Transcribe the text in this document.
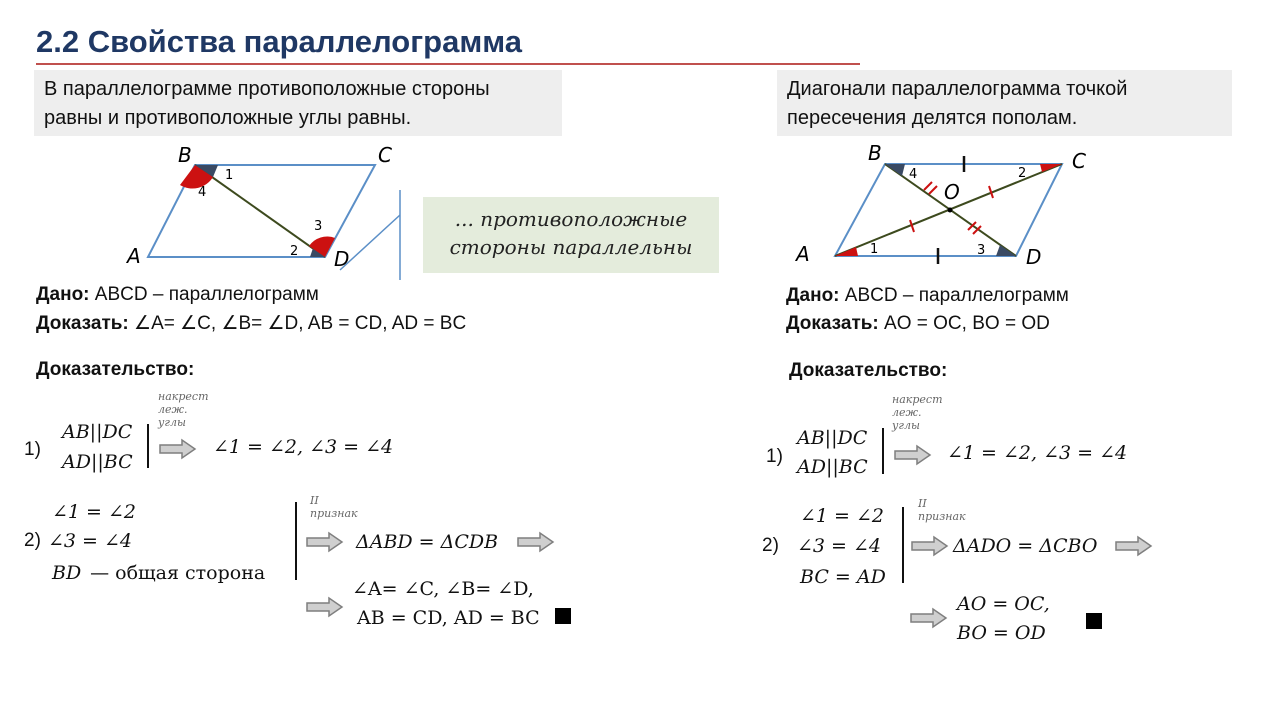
2.2 Свойства параллелограмма
В параллелограмме противоположные стороны равны и противоположные углы равны.
A
B	C
D
1
2
3
4
... противоположные стороны параллельны
Дано: ABCD – параллелограмм
Доказать: ∠A= ∠C, ∠B= ∠D, AB = CD, AD = BC
Доказательство:
1)
AB||DC
AD||BC
накрест
леж.
углы
∠1 = ∠2, ∠3 = ∠4
2)
∠1 = ∠2
∠3 = ∠4
BD — общая сторона
II
признак
ΔABD = ΔCDB
∠A= ∠C, ∠B= ∠D,
AB = CD, AD = BC
Диагонали параллелограмма точкой пересечения делятся пополам.
A
B	C
D
O
1
2
3
4
Дано: ABCD – параллелограмм
Доказать: AO = OC, BO = OD
Доказательство:
1)
AB||DC
AD||BC
накрест
леж.
углы
∠1 = ∠2, ∠3 = ∠4
2)
∠1 = ∠2
∠3 = ∠4
BC = AD
II
признак
ΔADO = ΔCBO
AO = OC,
BO = OD
